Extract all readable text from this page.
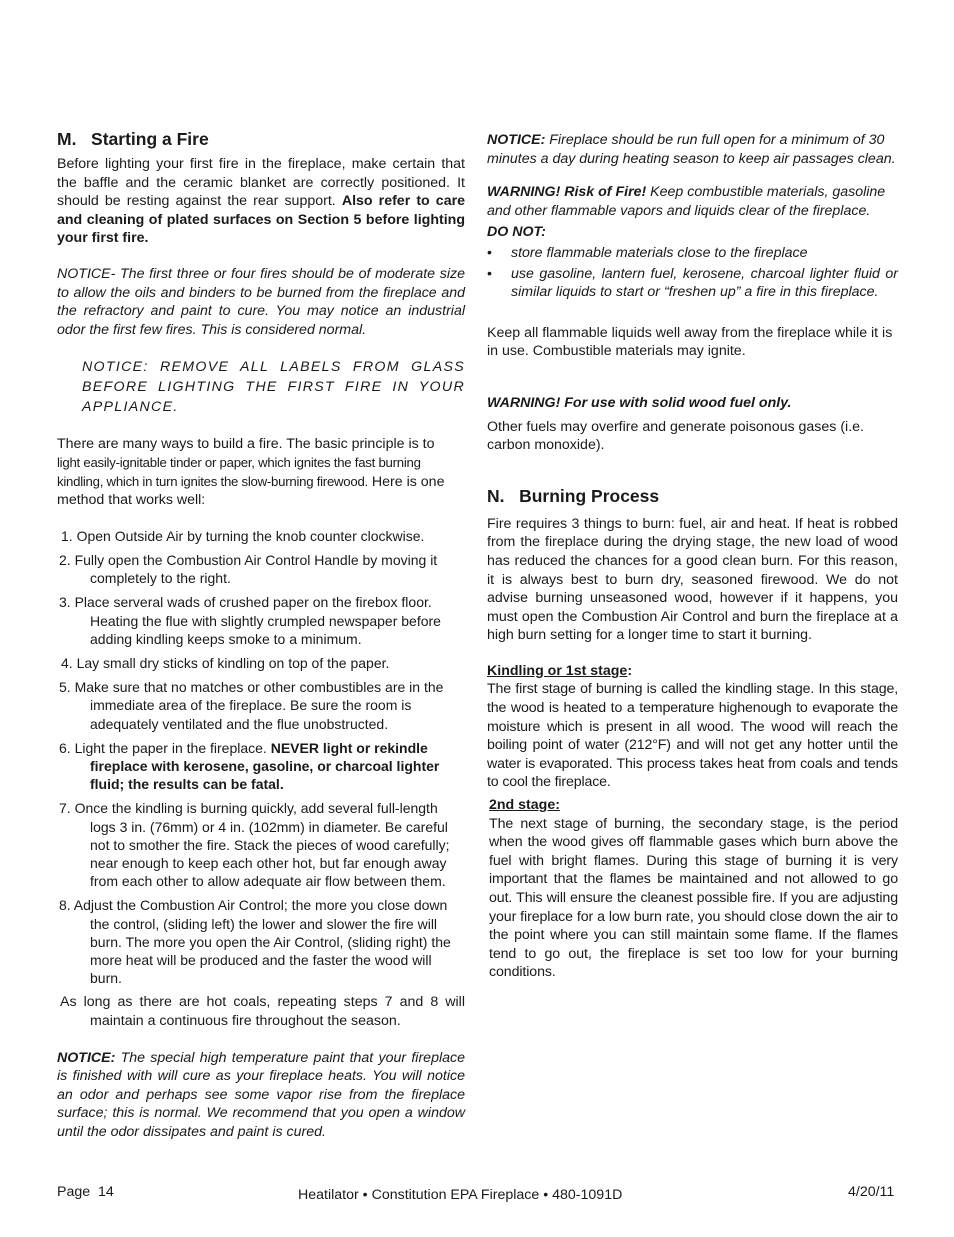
M.   Starting a Fire

Before lighting your first fire in the fireplace, make certain that the baffle and the ceramic blanket are correctly positioned. It should be resting against the rear support. Also refer to care and cleaning of plated surfaces on Section 5 before lighting your first fire.

NOTICE- The first three or four fires should be of moderate size to allow the oils and binders to be burned from the fireplace and the refractory and paint to cure. You may notice an industrial odor the first few fires. This is considered normal.

NOTICE: REMOVE ALL LABELS FROM GLASS BEFORE LIGHTING THE FIRST FIRE IN YOUR APPLIANCE.

There are many ways to build a fire. The basic principle is to
light easily-ignitable tinder or paper, which ignites the fast burning kindling, which in turn ignites the slow-burning firewood. Here is one method that works well:

1. Open Outside Air by turning the knob counter clockwise.
2. Fully open the Combustion Air Control Handle by moving it completely to the right.
3. Place serveral wads of crushed paper on the firebox floor. Heating the flue with slightly crumpled newspaper before adding kindling keeps smoke to a minimum.
4. Lay small dry sticks of kindling on top of the paper.
5. Make sure that no matches or other combustibles are in the immediate area of the fireplace. Be sure the room is adequately ventilated and the flue unobstructed.
6. Light the paper in the fireplace. NEVER light or rekindle fireplace with kerosene, gasoline, or charcoal lighter fluid; the results can be fatal.
7. Once the kindling is burning quickly, add several full-length logs 3 in. (76mm) or 4 in. (102mm) in diameter. Be careful not to smother the fire. Stack the pieces of wood carefully; near enough to keep each other hot, but far enough away from each other to allow adequate air flow between them.
8. Adjust the Combustion Air Control; the more you close down the control, (sliding left) the lower and slower the fire will burn. The more you open the Air Control, (sliding right) the more heat will be produced and the faster the wood will burn.

As long as there are hot coals, repeating steps 7 and 8 will maintain a continuous fire throughout the season.

NOTICE: The special high temperature paint that your fireplace is finished with will cure as your fireplace heats. You will notice an odor and perhaps see some vapor rise from the fireplace surface; this is normal. We recommend that you open a window until the odor dissipates and paint is cured.

NOTICE: Fireplace should be run full open for a minimum of 30 minutes a day during heating season to keep air passages clean.

WARNING! Risk of Fire! Keep combustible materials, gasoline and other flammable vapors and liquids clear of the fireplace.

DO NOT:

• store flammable materials close to the fireplace
• use gasoline, lantern fuel, kerosene, charcoal lighter fluid or similar liquids to start or “freshen up” a fire in this fireplace.

Keep all flammable liquids well away from the fireplace while it is in use. Combustible materials may ignite.

WARNING! For use with solid wood fuel only.

Other fuels may overfire and generate poisonous gases (i.e. carbon monoxide).

N.   Burning Process

Fire requires 3 things to burn: fuel, air and heat. If heat is robbed from the fireplace during the drying stage, the new load of wood has reduced the chances for a good clean burn. For this reason, it is always best to burn dry, seasoned firewood. We do not advise burning unseasoned wood, however if it happens, you must open the Combustion Air Control and burn the fireplace at a high burn setting for a longer time to start it burning.

Kindling or 1st stage:

The first stage of burning is called the kindling stage. In this stage, the wood is heated to a temperature highenough to evaporate the moisture which is present in all wood. The wood will reach the boiling point of water (212°F) and will not get any hotter until the water is evaporated. This process takes heat from coals and tends to cool the fireplace.

2nd stage:

The next stage of burning, the secondary stage, is the period when the wood gives off flammable gases which burn above the fuel with bright flames. During this stage of burning it is very important that the flames be maintained and not allowed to go out. This will ensure the cleanest possible fire. If you are adjusting your fireplace for a low burn rate, you should close down the air to the point where you can still maintain some flame. If the flames tend to go out, the fireplace is set too low for your burning conditions.

Page  14	Heatilator • Constitution EPA Fireplace • 480-1091D	4/20/11
